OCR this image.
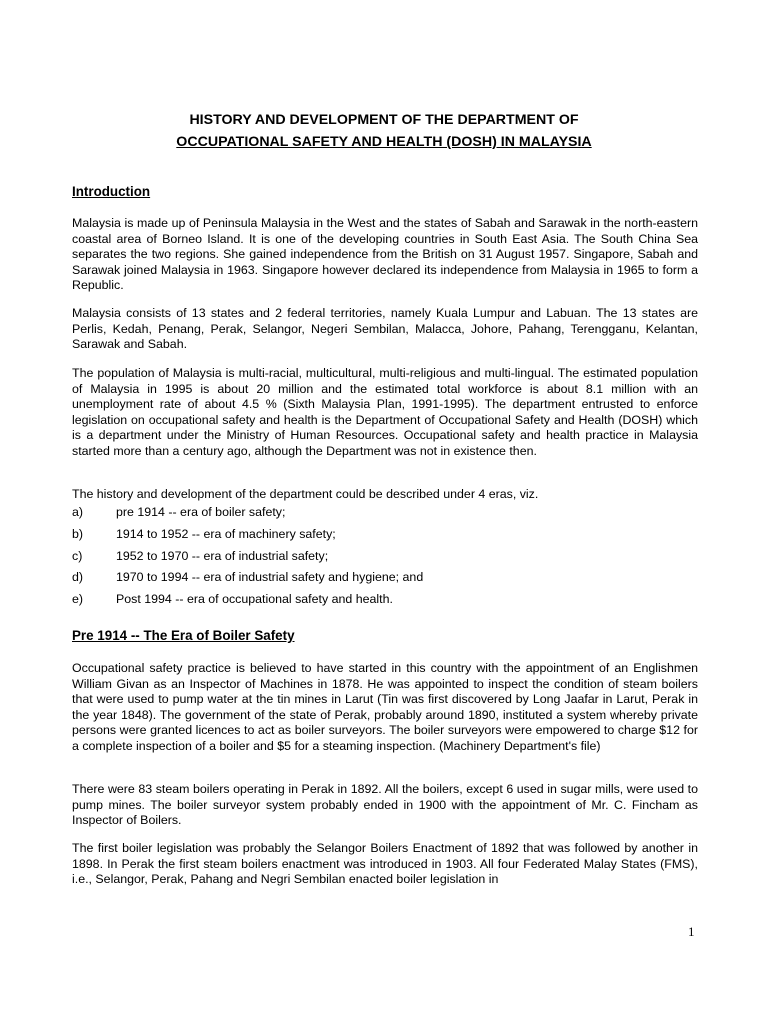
HISTORY AND DEVELOPMENT OF THE DEPARTMENT OF
OCCUPATIONAL SAFETY AND HEALTH (DOSH) IN MALAYSIA
Introduction

Malaysia is made up of Peninsula Malaysia in the West and the states of Sabah and Sarawak in the north-eastern coastal area of Borneo Island. It is one of the developing countries in South East Asia. The South China Sea separates the two regions. She gained independence from the British on 31 August 1957. Singapore, Sabah and Sarawak joined Malaysia in 1963. Singapore however declared its independence from Malaysia in 1965 to form a Republic.

Malaysia consists of 13 states and 2 federal territories, namely Kuala Lumpur and Labuan. The 13 states are Perlis, Kedah, Penang, Perak, Selangor, Negeri Sembilan, Malacca, Johore, Pahang, Terengganu, Kelantan, Sarawak and Sabah.

The population of Malaysia is multi-racial, multicultural, multi-religious and multi-lingual. The estimated population of Malaysia in 1995 is about 20 million and the estimated total workforce is about 8.1 million with an unemployment rate of about 4.5 % (Sixth Malaysia Plan, 1991-1995). The department entrusted to enforce legislation on occupational safety and health is the Department of Occupational Safety and Health (DOSH) which is a department under the Ministry of Human Resources. Occupational safety and health practice in Malaysia started more than a century ago, although the Department was not in existence then.

The history and development of the department could be described under 4 eras, viz.

a)	pre 1914 -- era of boiler safety;
b)	1914 to 1952 -- era of machinery safety;
c)	1952 to 1970 -- era of industrial safety;
d)	1970 to 1994 -- era of industrial safety and hygiene; and
e)	Post 1994 -- era of occupational safety and health.
Pre 1914 -- The Era of Boiler Safety

Occupational safety practice is believed to have started in this country with the appointment of an Englishmen William Givan as an Inspector of Machines in 1878. He was appointed to inspect the condition of steam boilers that were used to pump water at the tin mines in Larut (Tin was first discovered by Long Jaafar in Larut, Perak in the year 1848). The government of the state of Perak, probably around 1890, instituted a system whereby private persons were granted licences to act as boiler surveyors. The boiler surveyors were empowered to charge $12 for a complete inspection of a boiler and $5 for a steaming inspection. (Machinery Department's file)

There were 83 steam boilers operating in Perak in 1892. All the boilers, except 6 used in sugar mills, were used to pump mines. The boiler surveyor system probably ended in 1900 with the appointment of Mr. C. Fincham as Inspector of Boilers.

The first boiler legislation was probably the Selangor Boilers Enactment of 1892 that was followed by another in 1898. In Perak the first steam boilers enactment was introduced in 1903. All four Federated Malay States (FMS), i.e., Selangor, Perak, Pahang and Negri Sembilan enacted boiler legislation in

1
